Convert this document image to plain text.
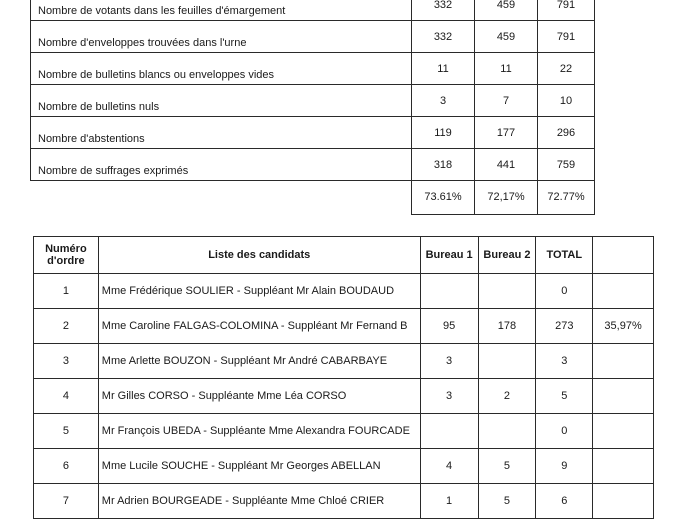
Nombre de votants dans les feuilles d'émargement	332	459	791
Nombre d'enveloppes trouvées dans l'urne	332	459	791
Nombre de bulletins blancs ou enveloppes vides	11	11	22
Nombre de bulletins nuls	3	7	10
Nombre d'abstentions	119	177	296
Nombre de suffrages exprimés	318	441	759
	73.61%	72,17%	72.77%
Numéro d'ordre	Liste des candidats	Bureau 1	Bureau 2	TOTAL	
1	Mme Frédérique SOULIER - Suppléant Mr Alain BOUDAUD			0	
2	Mme Caroline FALGAS-COLOMINA - Suppléant Mr Fernand B	95	178	273	35,97%
3	Mme Arlette BOUZON - Suppléant Mr André CABARBAYE	3		3	
4	Mr Gilles CORSO - Suppléante Mme Léa CORSO	3	2	5	
5	Mr François UBEDA - Suppléante Mme Alexandra FOURCADE			0	
6	Mme Lucile SOUCHE - Suppléant Mr Georges ABELLAN	4	5	9	
7	Mr Adrien BOURGEADE - Suppléante Mme Chloé CRIER	1	5	6	
